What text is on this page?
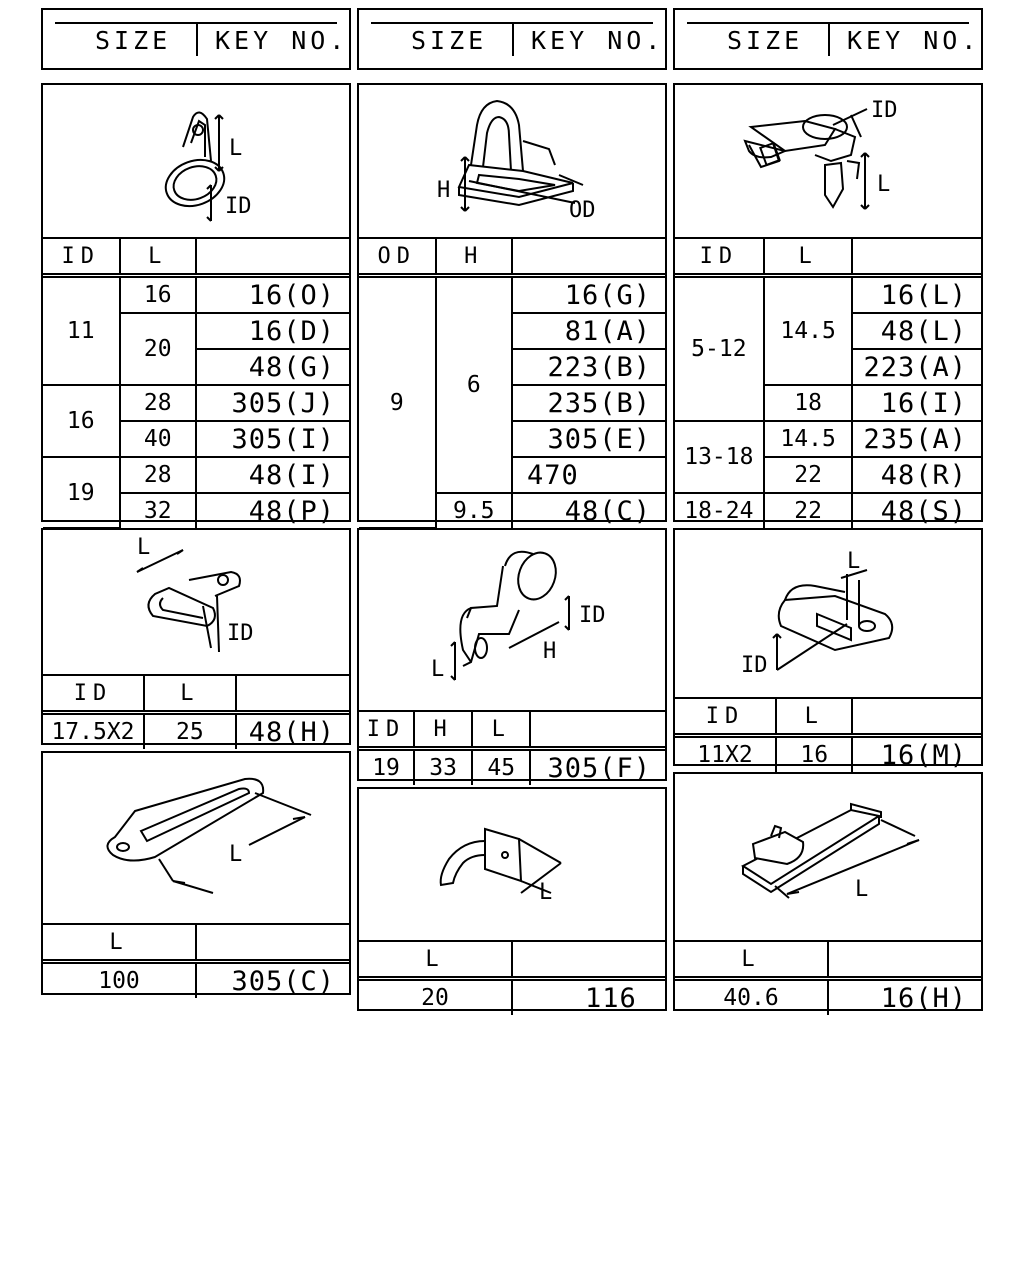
SIZE KEY NO.	SIZE KEY NO.	SIZE KEY NO.
L
ID
ID	L	
11	16	16(O)
	20	16(D)
		48(G)
16	28	305(J)
	40	305(I)
19	28	48(I)
	32	48(P)
H
OD
OD	H	
9	6	16(G)
		81(A)
		223(B)
		235(B)
		305(E)
		470
	9.5	48(C)
ID
L
ID	L	
5-12	14.5	16(L)
		48(L)
		223(A)
	18	16(I)
13-18	14.5	235(A)
	22	48(R)
18-24	22	48(S)
L
ID
ID	L	
17.5X2	25	48(H)
ID
L
H
ID	H	L	
19	33	45	305(F)
L
ID
ID	L	
11X2	16	16(M)
L
L	
100	305(C)
L
L	
20	116
L
L	
40.6	16(H)
